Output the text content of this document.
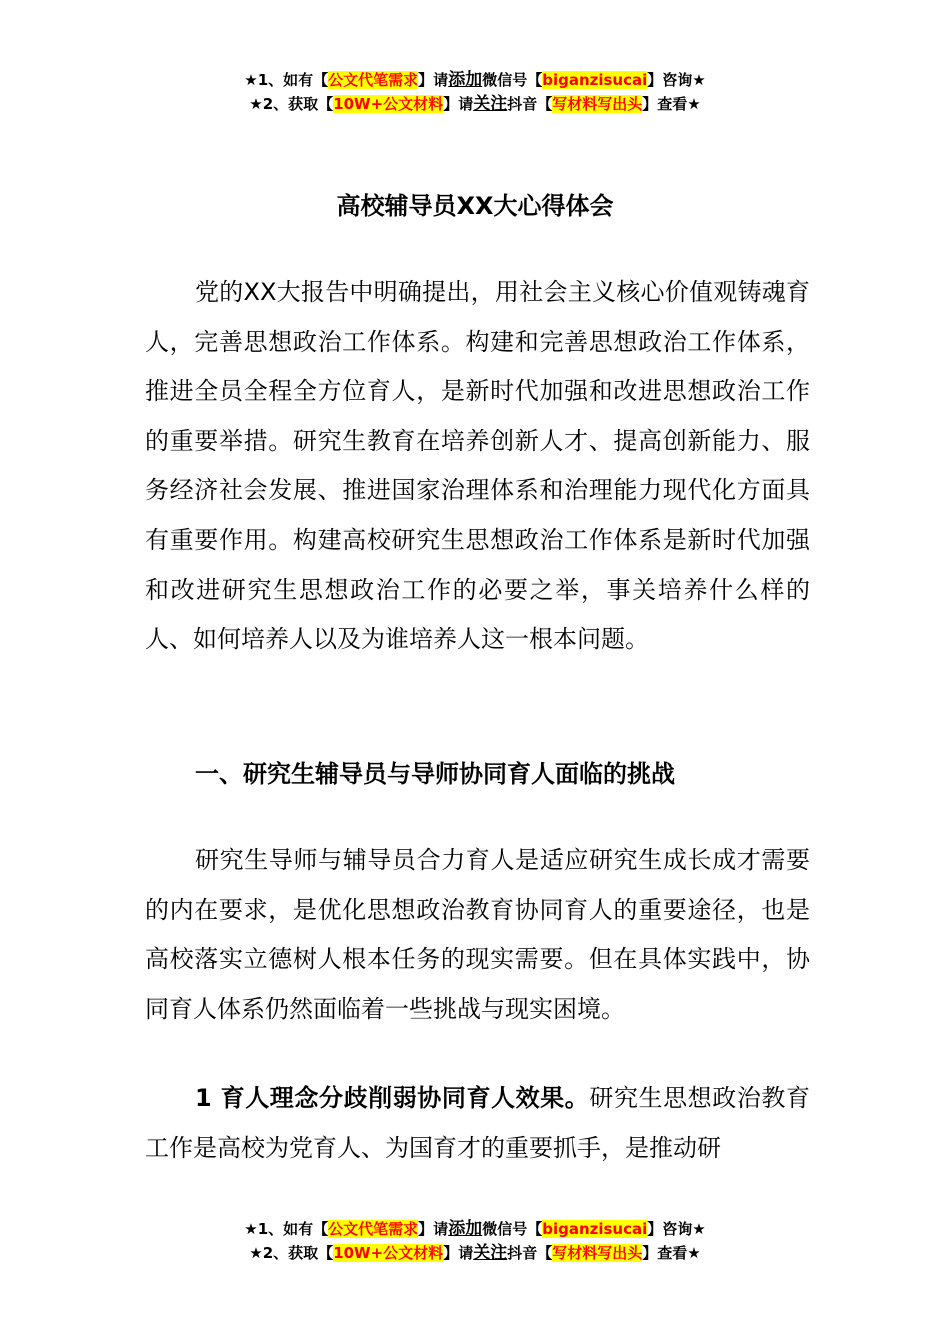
★1、如有【公文代笔需求】请添加微信号【biganzisucai】咨询★
★2、获取【10W+公文材料】请关注抖音【写材料写出头】查看★
高校辅导员XX大心得体会

党的XX大报告中明确提出，用社会主义核心价值观铸魂育人，完善思想政治工作体系。构建和完善思想政治工作体系，推进全员全程全方位育人，是新时代加强和改进思想政治工作的重要举措。研究生教育在培养创新人才、提高创新能力、服务经济社会发展、推进国家治理体系和治理能力现代化方面具有重要作用。构建高校研究生思想政治工作体系是新时代加强和改进研究生思想政治工作的必要之举，事关培养什么样的人、如何培养人以及为谁培养人这一根本问题。

一、研究生辅导员与导师协同育人面临的挑战

研究生导师与辅导员合力育人是适应研究生成长成才需要的内在要求，是优化思想政治教育协同育人的重要途径，也是高校落实立德树人根本任务的现实需要。但在具体实践中，协同育人体系仍然面临着一些挑战与现实困境。

1 育人理念分歧削弱协同育人效果。研究生思想政治教育工作是高校为党育人、为国育才的重要抓手，是推动研

★1、如有【公文代笔需求】请添加微信号【biganzisucai】咨询★
★2、获取【10W+公文材料】请关注抖音【写材料写出头】查看★
